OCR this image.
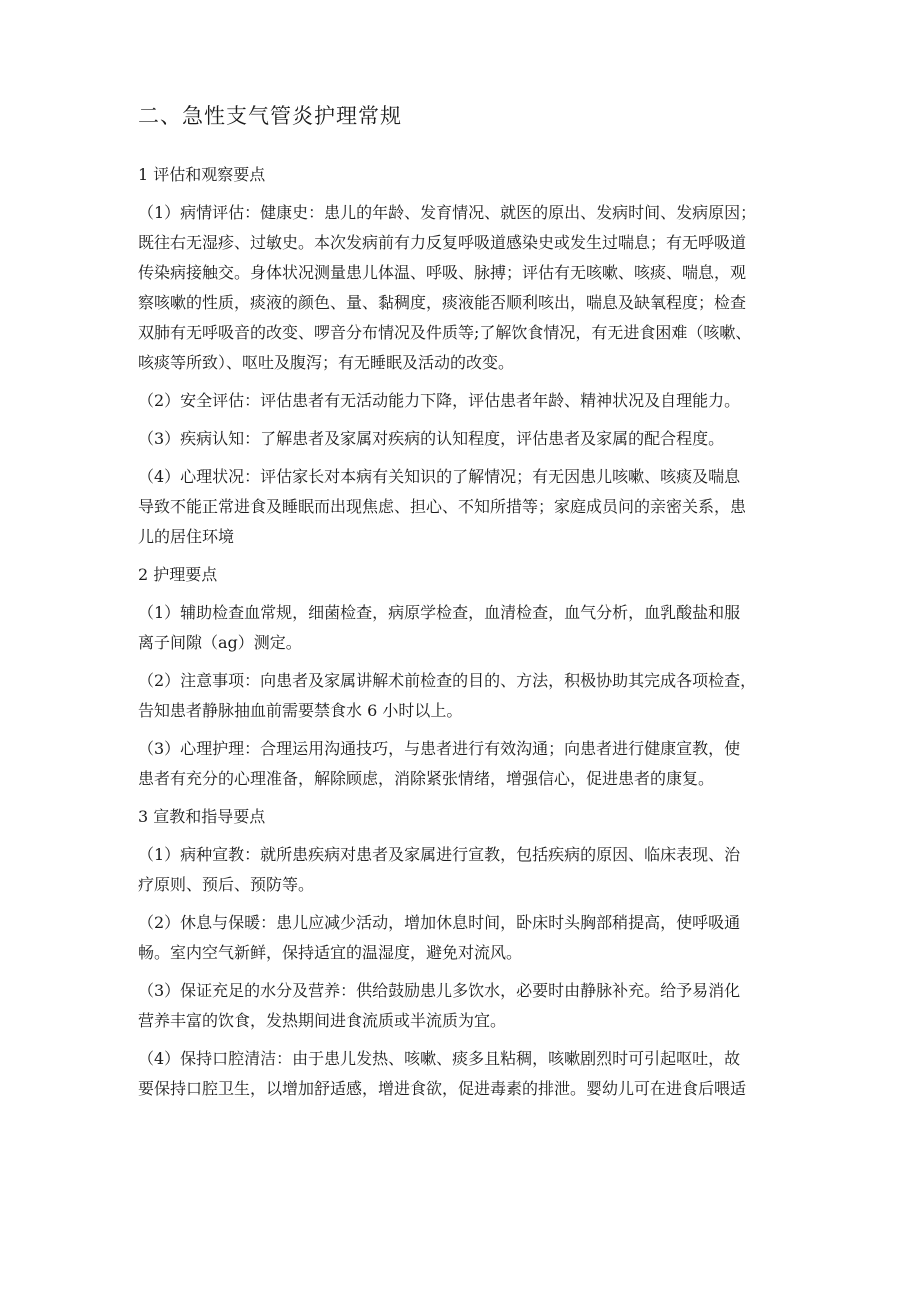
二、急性支气管炎护理常规

1 评估和观察要点

（1）病情评估：健康史：患儿的年龄、发育情况、就医的原出、发病时间、发病原因；
既往右无湿疹、过敏史。本次发病前有力反复呼吸道感染史或发生过喘息；有无呼吸道
传染病接触交。身体状况测量患儿体温、呼吸、脉搏；评估有无咳嗽、咳痰、喘息，观
察咳嗽的性质，痰液的颜色、量、黏稠度，痰液能否顺利咳出，喘息及缺氧程度；检查
双肺有无呼吸音的改变、啰音分布情况及件质等;了解饮食情况，有无进食困难（咳嗽、
咳痰等所致）、呕吐及腹泻；有无睡眠及活动的改变。

（2）安全评估：评估患者有无活动能力下降，评估患者年龄、精神状况及自理能力。

（3）疾病认知：了解患者及家属对疾病的认知程度，评估患者及家属的配合程度。

（4）心理状况：评估家长对本病有关知识的了解情况；有无因患儿咳嗽、咳痰及喘息
导致不能正常进食及睡眠而出现焦虑、担心、不知所措等；家庭成员问的亲密关系，患
儿的居住环境

2 护理要点

（1）辅助检查血常规，细菌检查，病原学检查，血清检查，血气分析，血乳酸盐和服
离子间隙（ag）测定。

（2）注意事项：向患者及家属讲解术前检查的目的、方法，积极协助其完成各项检查，
告知患者静脉抽血前需要禁食水 6 小时以上。

（3）心理护理：合理运用沟通技巧，与患者进行有效沟通；向患者进行健康宣教，使
患者有充分的心理准备，解除顾虑，消除紧张情绪，增强信心，促进患者的康复。

3 宣教和指导要点

（1）病种宣教：就所患疾病对患者及家属进行宣教，包括疾病的原因、临床表现、治
疗原则、预后、预防等。

（2）休息与保暖：患儿应减少活动，增加休息时间，卧床时头胸部稍提高，使呼吸通
畅。室内空气新鲜，保持适宜的温湿度，避免对流风。

（3）保证充足的水分及营养：供给鼓励患儿多饮水，必要时由静脉补充。给予易消化
营养丰富的饮食，发热期间进食流质或半流质为宜。

（4）保持口腔清洁：由于患儿发热、咳嗽、痰多且粘稠，咳嗽剧烈时可引起呕吐，故
要保持口腔卫生，以增加舒适感，增进食欲，促进毒素的排泄。婴幼儿可在进食后喂适
